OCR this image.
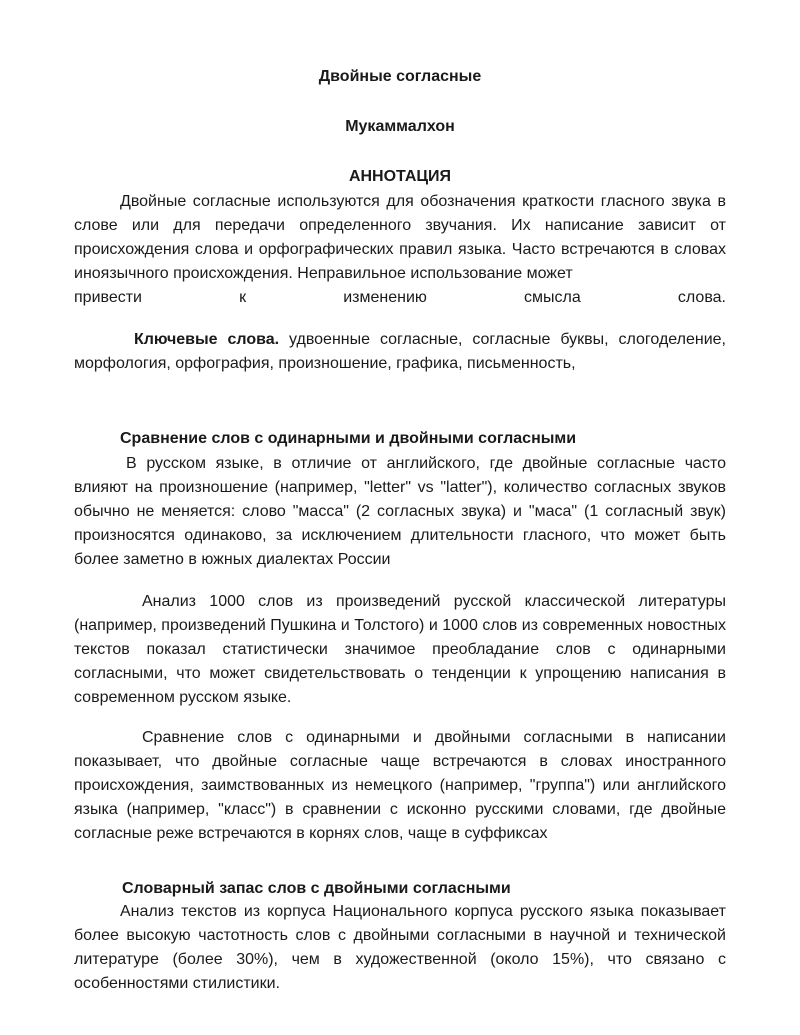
Двойные согласные

Мукаммалхон

АННОТАЦИЯ

Двойные согласные используются для обозначения краткости гласного звука в слове или для передачи определенного звучания. Их написание зависит от происхождения слова и орфографических правил языка. Часто встречаются в словах иноязычного происхождения. Неправильное использование может

привести к изменению смысла слова.

Ключевые слова. удвоенные согласные, согласные буквы, слогоделение, морфология, орфография, произношение, графика, письменность,

Сравнение слов с одинарными и двойными согласными

В русском языке, в отличие от английского, где двойные согласные часто влияют на произношение (например, "letter" vs "latter"), количество согласных звуков обычно не меняется: слово "масса" (2 согласных звука) и "маса" (1 согласный звук) произносятся одинаково, за исключением длительности гласного, что может быть более заметно в южных диалектах России

Анализ 1000 слов из произведений русской классической литературы (например, произведений Пушкина и Толстого) и 1000 слов из современных новостных текстов показал статистически значимое преобладание слов с одинарными согласными, что может свидетельствовать о тенденции к упрощению написания в современном русском языке.

Сравнение слов с одинарными и двойными согласными в написании показывает, что двойные согласные чаще встречаются в словах иностранного происхождения, заимствованных из немецкого (например, "группа") или английского языка (например, "класс") в сравнении с исконно русскими словами, где двойные согласные реже встречаются в корнях слов, чаще в суффиксах

Словарный запас слов с двойными согласными

Анализ текстов из корпуса Национального корпуса русского языка показывает более высокую частотность слов с двойными согласными в научной и технической литературе (более 30%), чем в художественной (около 15%), что связано с особенностями стилистики.
